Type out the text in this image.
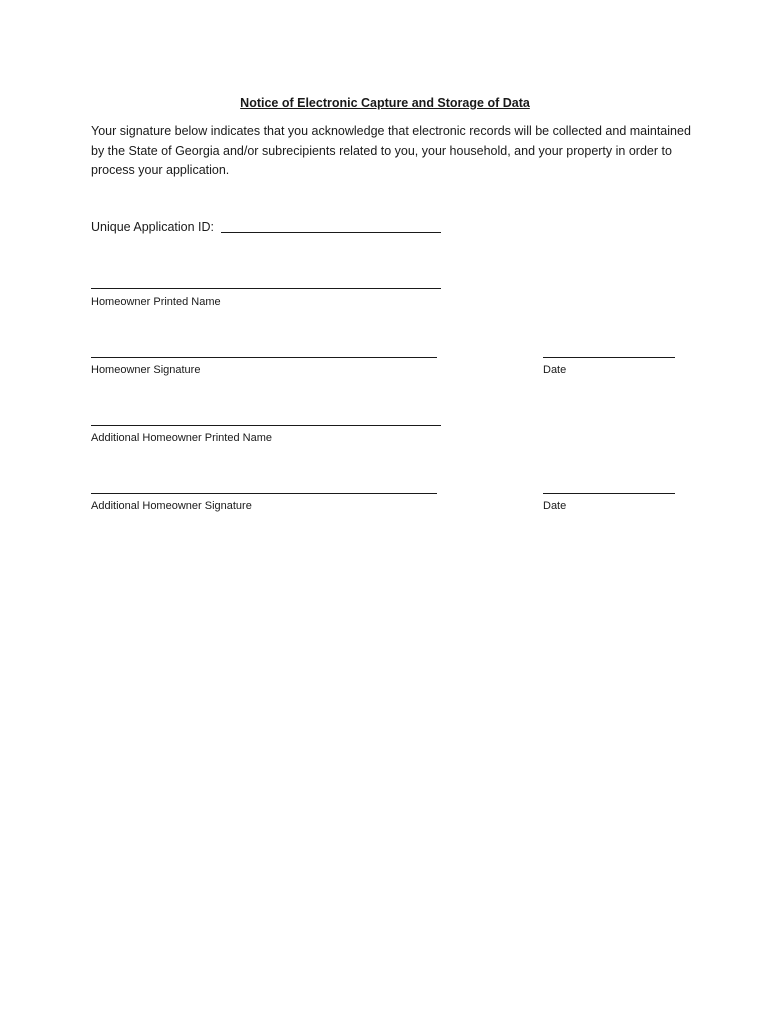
Notice of Electronic Capture and Storage of Data
Your signature below indicates that you acknowledge that electronic records will be collected and maintained by the State of Georgia and/or subrecipients related to you, your household, and your property in order to process your application.
Unique Application ID:
Homeowner Printed Name
Homeowner Signature	Date
Additional Homeowner Printed Name
Additional Homeowner Signature	Date
